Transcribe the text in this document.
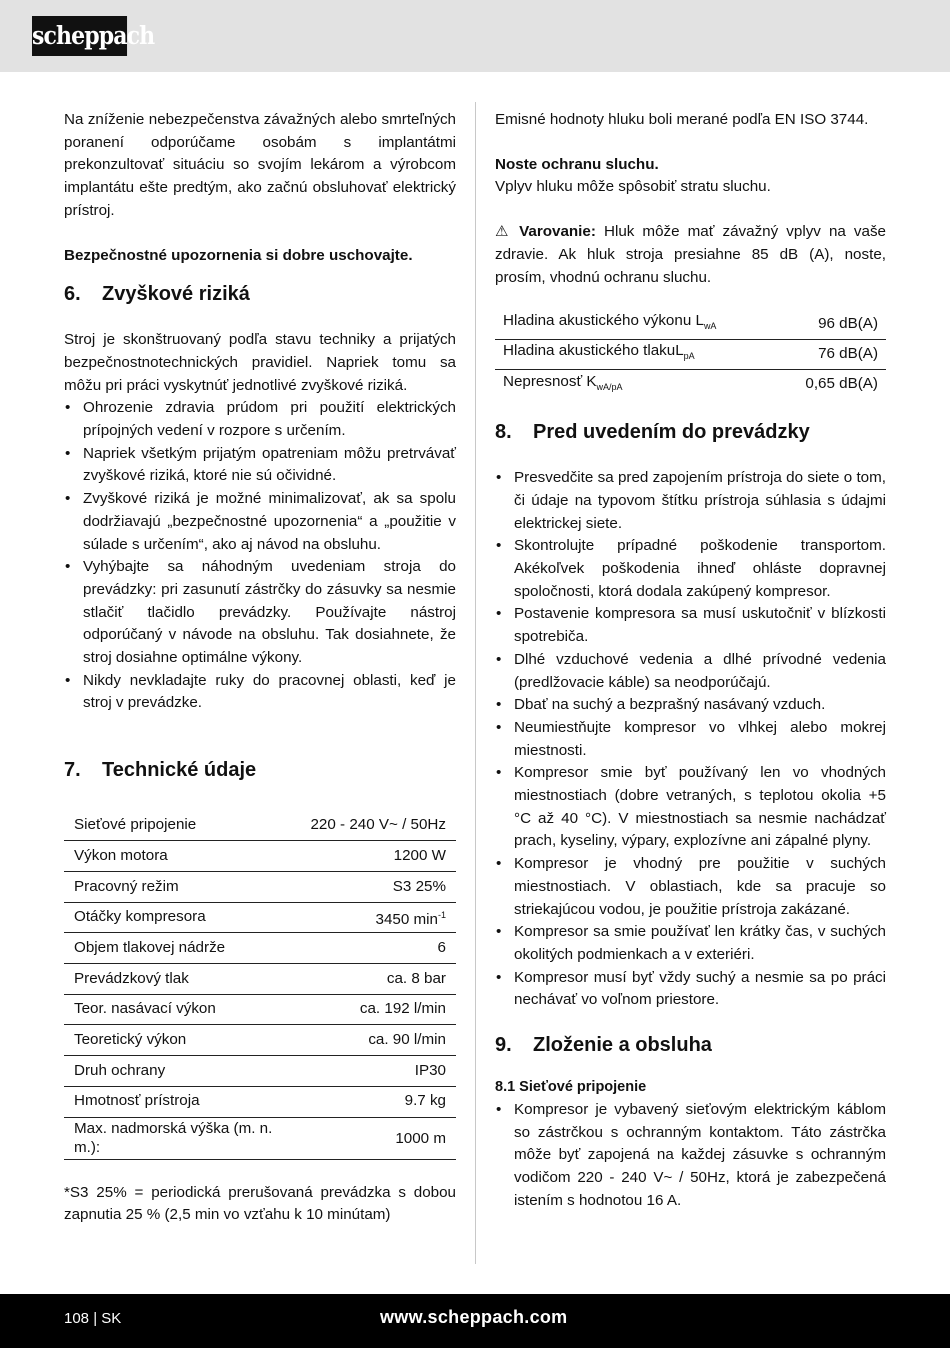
scheppach

Na zníženie nebezpečenstva závažných alebo smrteľných poranení odporúčame osobám s implantátmi prekonzultovať situáciu so svojím lekárom a výrobcom implantátu ešte predtým, ako začnú obsluhovať elektrický prístroj.

Bezpečnostné upozornenia si dobre uschovajte.

6.	Zvyškové riziká

Stroj je skonštruovaný podľa stavu techniky a prijatých bezpečnostnotechnických pravidiel. Napriek tomu sa môžu pri práci vyskytnúť jednotlivé zvyškové riziká.

• Ohrozenie zdravia prúdom pri použití elektrických prípojných vedení v rozpore s určením.
• Napriek všetkým prijatým opatreniam môžu pretrvávať zvyškové riziká, ktoré nie sú očividné.
• Zvyškové riziká je možné minimalizovať, ak sa spolu dodržiavajú „bezpečnostné upozornenia“ a „použitie v súlade s určením“, ako aj návod na obsluhu.
• Vyhýbajte sa náhodným uvedeniam stroja do prevádzky: pri zasunutí zástrčky do zásuvky sa nesmie stlačiť tlačidlo prevádzky. Používajte nástroj odporúčaný v návode na obsluhu. Tak dosiahnete, že stroj dosiahne optimálne výkony.
• Nikdy nevkladajte ruky do pracovnej oblasti, keď je stroj v prevádzke.
7.	Technické údaje
Sieťové pripojenie	220 - 240 V~ / 50Hz
Výkon motora	1200 W
Pracovný režim	S3 25%
Otáčky kompresora	3450 $\min^{-1}$
Objem tlakovej nádrže	6
Prevádzkový tlak	ca. 8 bar
Teor. nasávací výkon	ca. 192 l/min
Teoretický výkon	ca. 90 l/min
Druh ochrany	IP30
Hmotnosť prístroja	9.7 kg
Max. nadmorská výška (m. n. m.):	1000 m

*S3 25% = periodická prerušovaná prevádzka s dobou zapnutia 25 % (2,5 min vo vzťahu k 10 minútam)

Emisné hodnoty hluku boli merané podľa EN ISO 3744.

Noste ochranu sluchu.

Vplyv hluku môže spôsobiť stratu sluchu.

⚠ Varovanie: Hluk môže mať závažný vplyv na vaše zdravie. Ak hluk stroja presiahne 85 dB (A), noste, prosím, vhodnú ochranu sluchu.

Hladina akustického výkonu $L_{wA}$	96 dB(A)
Hladina akustického tlakuL$_{pA}$	76 dB(A)
Nepresnosť $K_{wA/pA}$	0,65 dB(A)
8.	Pred uvedením do prevádzky
• Presvedčite sa pred zapojením prístroja do siete o tom, či údaje na typovom štítku prístroja súhlasia s údajmi elektrickej siete.
• Skontrolujte prípadné poškodenie transportom. Akékoľvek poškodenia ihneď ohláste dopravnej spoločnosti, ktorá dodala zakúpený kompresor.
• Postavenie kompresora sa musí uskutočniť v blízkosti spotrebiča.
• Dlhé vzduchové vedenia a dlhé prívodné vedenia (predlžovacie káble) sa neodporúčajú.
• Dbať na suchý a bezprašný nasávaný vzduch.
• Neumiestňujte kompresor vo vlhkej alebo mokrej miestnosti.
• Kompresor smie byť používaný len vo vhodných miestnostiach (dobre vetraných, s teplotou okolia +5 °C až 40 °C). V miestnostiach sa nesmie nachádzať prach, kyseliny, výpary, explozívne ani zápalné plyny.
• Kompresor je vhodný pre použitie v suchých miestnostiach. V oblastiach, kde sa pracuje so striekajúcou vodou, je použitie prístroja zakázané.
• Kompresor sa smie používať len krátky čas, v suchých okolitých podmienkach a v exteriéri.
• Kompresor musí byť vždy suchý a nesmie sa po práci nechávať vo voľnom priestore.
9.	Zloženie a obsluha

8.1 Sieťové pripojenie

• Kompresor je vybavený sieťovým elektrickým káblom so zástrčkou s ochranným kontaktom. Táto zástrčka môže byť zapojená na každej zásuvke s ochranným vodičom 220 - 240 V~ / 50Hz, ktorá je zabezpečená istením s hodnotou 16 A.
108 | SK	www.scheppach.com
